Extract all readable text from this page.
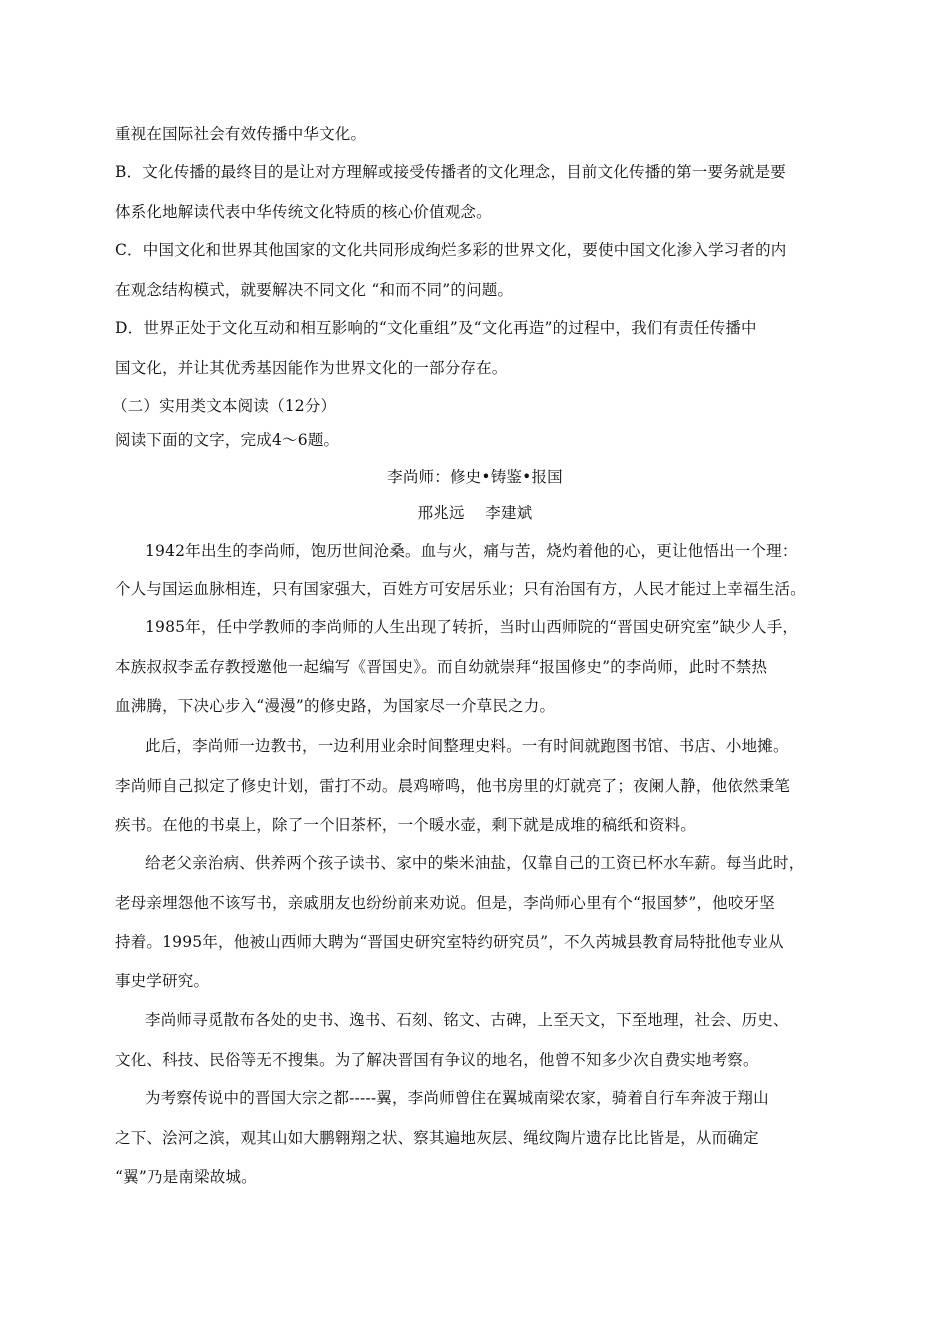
重视在国际社会有效传播中华文化。
B．文化传播的最终目的是让对方理解或接受传播者的文化理念，目前文化传播的第一要务就是要
体系化地解读代表中华传统文化特质的核心价值观念。
C．中国文化和世界其他国家的文化共同形成绚烂多彩的世界文化，要使中国文化渗入学习者的内
在观念结构模式，就要解决不同文化 “和而不同”的问题。
D．世界正处于文化互动和相互影响的“文化重组”及“文化再造”的过程中，我们有责任传播中
国文化，并让其优秀基因能作为世界文化的一部分存在。
（二）实用类文本阅读（12分）
阅读下面的文字，完成4～6题。
李尚师：修史•铸鉴•报国
邢兆远    李建斌
1942年出生的李尚师，饱历世间沧桑。血与火，痛与苦，烧灼着他的心，更让他悟出一个理：
个人与国运血脉相连，只有国家强大，百姓方可安居乐业；只有治国有方，人民才能过上幸福生活。
1985年，任中学教师的李尚师的人生出现了转折，当时山西师院的“晋国史研究室”缺少人手，
本族叔叔李孟存教授邀他一起编写《晋国史》。而自幼就崇拜“报国修史”的李尚师，此时不禁热
血沸腾，下决心步入“漫漫”的修史路，为国家尽一介草民之力。
此后，李尚师一边教书，一边利用业余时间整理史料。一有时间就跑图书馆、书店、小地摊。
李尚师自己拟定了修史计划，雷打不动。晨鸡啼鸣，他书房里的灯就亮了；夜阑人静，他依然秉笔
疾书。在他的书桌上，除了一个旧茶杯，一个暖水壶，剩下就是成堆的稿纸和资料。
给老父亲治病、供养两个孩子读书、家中的柴米油盐，仅靠自己的工资已杯水车薪。每当此时，
老母亲埋怨他不该写书，亲戚朋友也纷纷前来劝说。但是，李尚师心里有个“报国梦”，他咬牙坚
持着。1995年，他被山西师大聘为“晋国史研究室特约研究员”，不久芮城县教育局特批他专业从
事史学研究。
李尚师寻觅散布各处的史书、逸书、石刻、铭文、古碑，上至天文，下至地理，社会、历史、
文化、科技、民俗等无不搜集。为了解决晋国有争议的地名，他曾不知多少次自费实地考察。
为考察传说中的晋国大宗之都-----翼，李尚师曾住在翼城南梁农家，骑着自行车奔波于翔山
之下、浍河之滨，观其山如大鹏翱翔之状、察其遍地灰层、绳纹陶片遗存比比皆是，从而确定
“翼”乃是南梁故城。
